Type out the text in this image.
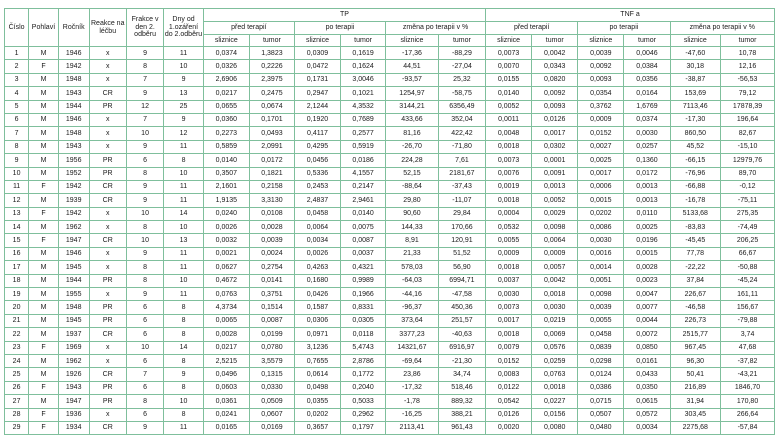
Číslo	Pohlaví	Ročník	Reakce na léčbu	Frakce v den 2. odběru	Dny od 1.ozáření do 2.odběru	TP						TNF a					
						před terapií		po terapii		změna po terapii v %		před terapií		po terapii		změna po terapii v %	
						sliznice	tumor	sliznice	tumor	sliznice	tumor	sliznice	tumor	sliznice	tumor	sliznice	tumor
1	M	1946	x	9	11	0,0374	1,3823	0,0309	0,1619	-17,36	-88,29	0,0073	0,0042	0,0039	0,0046	-47,60	10,78
2	F	1942	x	8	10	0,0326	0,2226	0,0472	0,1624	44,51	-27,04	0,0070	0,0343	0,0092	0,0384	30,18	12,16
3	M	1948	x	7	9	2,6906	2,3975	0,1731	3,0046	-93,57	25,32	0,0155	0,0820	0,0093	0,0356	-38,87	-56,53
4	M	1943	CR	9	13	0,0217	0,2475	0,2947	0,1021	1254,97	-58,75	0,0140	0,0092	0,0354	0,0164	153,69	79,12
5	M	1944	PR	12	25	0,0655	0,0674	2,1244	4,3532	3144,21	6356,49	0,0052	0,0093	0,3762	1,6769	7113,46	17878,39
6	M	1946	x	7	9	0,0360	0,1701	0,1920	0,7689	433,66	352,04	0,0011	0,0126	0,0009	0,0374	-17,30	196,64
7	M	1948	x	10	12	0,2273	0,0493	0,4117	0,2577	81,16	422,42	0,0048	0,0017	0,0152	0,0030	860,50	82,67
8	M	1943	x	9	11	0,5859	2,0991	0,4295	0,5919	-26,70	-71,80	0,0018	0,0302	0,0027	0,0257	45,52	-15,10
9	M	1956	PR	6	8	0,0140	0,0172	0,0456	0,0186	224,28	7,61	0,0073	0,0001	0,0025	0,1360	-66,15	12979,76
10	M	1952	PR	8	10	0,3507	0,1821	0,5336	4,1557	52,15	2181,67	0,0076	0,0091	0,0017	0,0172	-76,96	89,70
11	F	1942	CR	9	11	2,1601	0,2158	0,2453	0,2147	-88,64	-37,43	0,0019	0,0013	0,0006	0,0013	-66,88	-0,12
12	M	1939	CR	9	11	1,9135	3,3130	2,4837	2,9461	29,80	-11,07	0,0018	0,0052	0,0015	0,0013	-16,78	-75,11
13	F	1942	x	10	14	0,0240	0,0108	0,0458	0,0140	90,60	29,84	0,0004	0,0029	0,0202	0,0110	5133,68	275,35
14	M	1962	x	8	10	0,0026	0,0028	0,0064	0,0075	144,33	170,66	0,0532	0,0098	0,0086	0,0025	-83,83	-74,49
15	F	1947	CR	10	13	0,0032	0,0039	0,0034	0,0087	8,91	120,91	0,0055	0,0064	0,0030	0,0196	-45,45	206,25
16	M	1946	x	9	11	0,0021	0,0024	0,0026	0,0037	21,33	51,52	0,0009	0,0009	0,0016	0,0015	77,78	66,67
17	M	1945	x	8	11	0,0627	0,2754	0,4263	0,4321	578,03	56,90	0,0018	0,0057	0,0014	0,0028	-22,22	-50,88
18	M	1944	PR	8	10	0,4672	0,0141	0,1680	0,9989	-64,03	6994,71	0,0037	0,0042	0,0051	0,0023	37,84	-45,24
19	M	1955	x	9	11	0,0763	0,3751	0,0426	0,1966	-44,16	-47,58	0,0030	0,0018	0,0098	0,0047	226,67	161,11
20	M	1948	PR	6	8	4,3734	0,1514	0,1587	0,8331	-96,37	450,36	0,0073	0,0030	0,0039	0,0077	-46,58	156,67
21	M	1945	PR	6	8	0,0065	0,0087	0,0306	0,0305	373,64	251,57	0,0017	0,0219	0,0055	0,0044	226,73	-79,88
22	M	1937	CR	6	8	0,0028	0,0199	0,0971	0,0118	3377,23	-40,63	0,0018	0,0069	0,0458	0,0072	2515,77	3,74
23	F	1969	x	10	14	0,0217	0,0780	3,1236	5,4743	14321,67	6916,97	0,0079	0,0576	0,0839	0,0850	967,45	47,68
24	M	1962	x	6	8	2,5215	3,5579	0,7655	2,8786	-69,64	-21,30	0,0152	0,0259	0,0298	0,0161	96,30	-37,82
25	M	1926	CR	7	9	0,0496	0,1315	0,0614	0,1772	23,86	34,74	0,0083	0,0763	0,0124	0,0433	50,41	-43,21
26	F	1943	PR	6	8	0,0603	0,0330	0,0498	0,2040	-17,32	518,46	0,0122	0,0018	0,0386	0,0350	216,89	1846,70
27	M	1947	PR	8	10	0,0361	0,0509	0,0355	0,5033	-1,78	889,32	0,0542	0,0227	0,0715	0,0615	31,94	170,80
28	F	1936	x	6	8	0,0241	0,0607	0,0202	0,2962	-16,25	388,21	0,0126	0,0156	0,0507	0,0572	303,45	266,64
29	F	1934	CR	9	11	0,0165	0,0169	0,3657	0,1797	2113,41	961,43	0,0020	0,0080	0,0480	0,0034	2275,68	-57,84
